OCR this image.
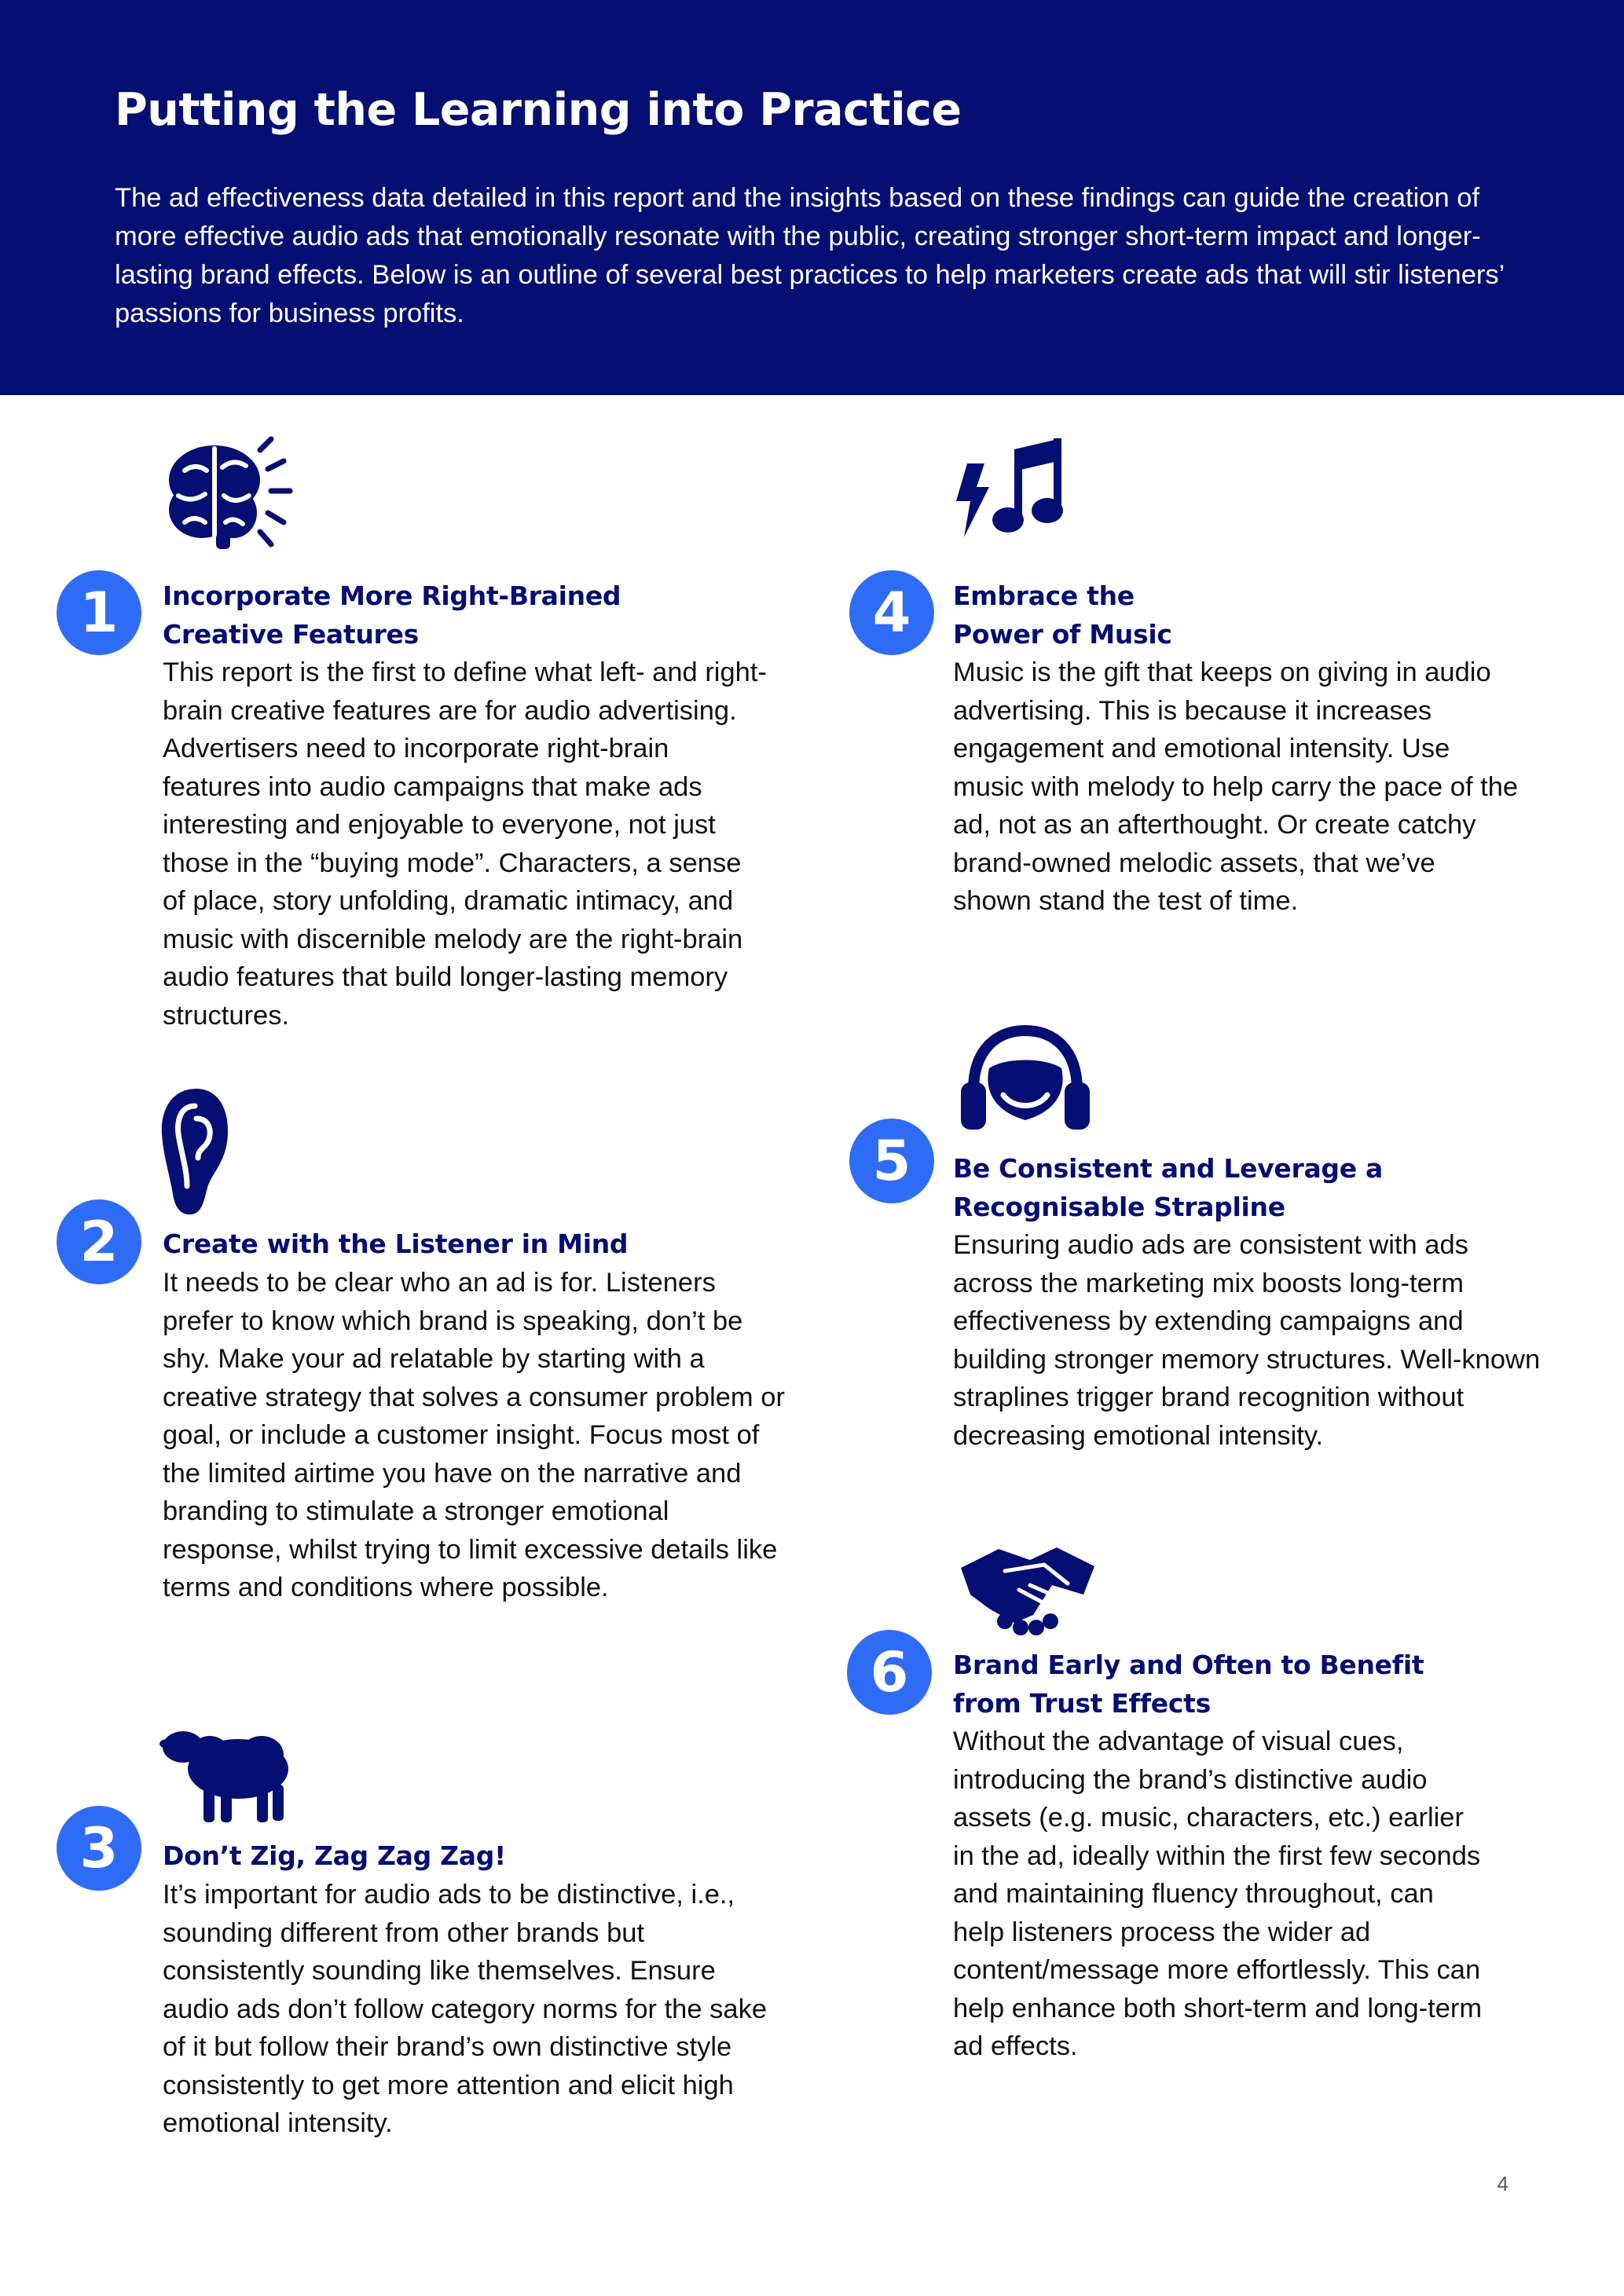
Putting the Learning into Practice

The ad effectiveness data detailed in this report and the insights based on these findings can guide the creation of more effective audio ads that emotionally resonate with the public, creating stronger short-term impact and longer-lasting brand effects. Below is an outline of several best practices to help marketers create ads that will stir listeners’ passions for business profits.

1	Incorporate More Right-Brained
Creative Features

This report is the first to define what left- and right-brain creative features are for audio advertising. Advertisers need to incorporate right-brain features into audio campaigns that make ads interesting and enjoyable to everyone, not just those in the “buying mode”. Characters, a sense of place, story unfolding, dramatic intimacy, and music with discernible melody are the right-brain audio features that build longer-lasting memory structures.

2	Create with the Listener in Mind

It needs to be clear who an ad is for. Listeners prefer to know which brand is speaking, don’t be shy. Make your ad relatable by starting with a creative strategy that solves a consumer problem or goal, or include a customer insight. Focus most of the limited airtime you have on the narrative and branding to stimulate a stronger emotional response, whilst trying to limit excessive details like terms and conditions where possible.

3	Don’t Zig, Zag Zag Zag!

It’s important for audio ads to be distinctive, i.e., sounding different from other brands but consistently sounding like themselves. Ensure audio ads don’t follow category norms for the sake of it but follow their brand’s own distinctive style consistently to get more attention and elicit high emotional intensity.

4	Embrace the
Power of Music

Music is the gift that keeps on giving in audio advertising. This is because it increases engagement and emotional intensity. Use music with melody to help carry the pace of the ad, not as an afterthought. Or create catchy brand-owned melodic assets, that we’ve shown stand the test of time.

5	Be Consistent and Leverage a
Recognisable Strapline

Ensuring audio ads are consistent with ads across the marketing mix boosts long-term effectiveness by extending campaigns and building stronger memory structures. Well-known straplines trigger brand recognition without decreasing emotional intensity.

6	Brand Early and Often to Benefit
from Trust Effects

Without the advantage of visual cues, introducing the brand’s distinctive audio assets (e.g. music, characters, etc.) earlier in the ad, ideally within the first few seconds and maintaining fluency throughout, can help listeners process the wider ad content/message more effortlessly. This can help enhance both short-term and long-term ad effects.

4
